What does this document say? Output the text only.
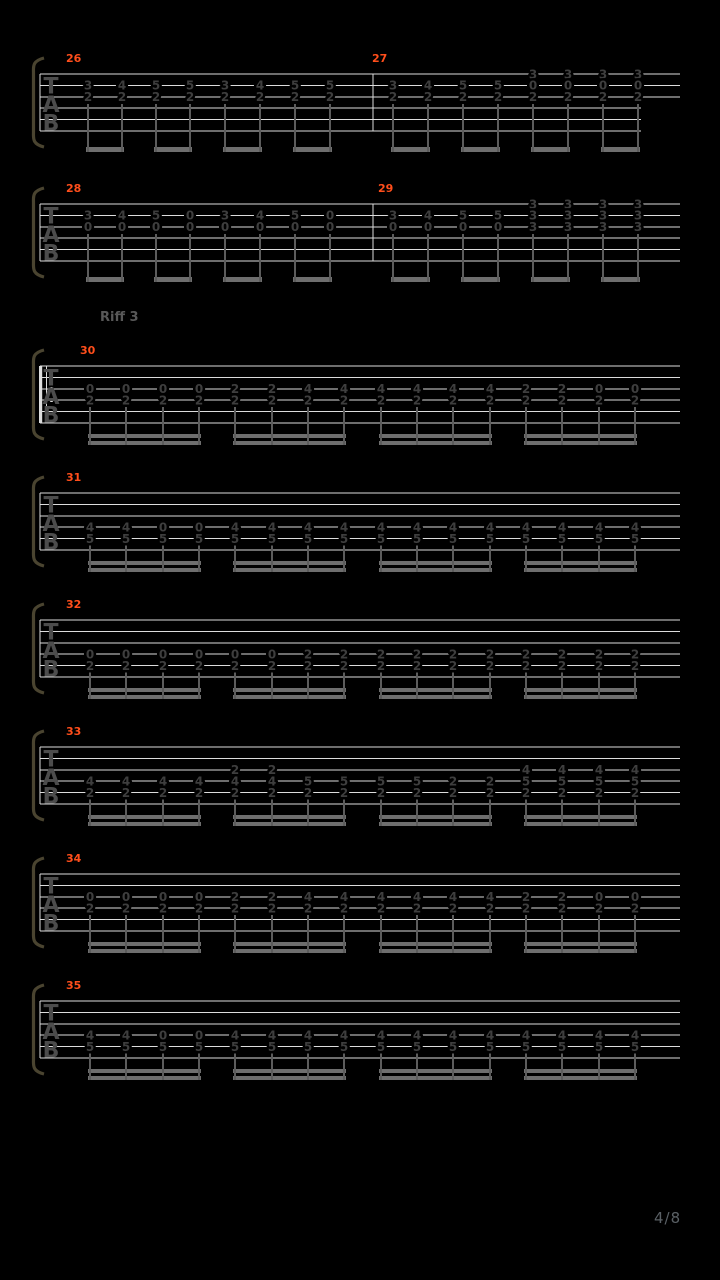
T
A
B
26	27
3
2
4
2
5
2
5
2
3
2
4
2
5
2
5
2
3
2
4
2
5
2
5
2
3
0
2
3
0
2
3
0
2
3
0
2
T
A
B
28	29
3
0
4
0
5
0
0
0
3
0
4
0
5
0
0
0
3
0
4
0
5
0
5
0
3
3
3
3
3
3
3
3
3
3
3
3
T
A
B
30
0
2
0
2
0
2
0
2
2
2
2
2
4
2
4
2
4
2
4
2
4
2
4
2
2
2
2
2
0
2
0
2
T
A
B
31
4
5
4
5
0
5
0
5
4
5
4
5
4
5
4
5
4
5
4
5
4
5
4
5
4
5
4
5
4
5
4
5
T
A
B
32
0
2
0
2
0
2
0
2
0
2
0
2
2
2
2
2
2
2
2
2
2
2
2
2
2
2
2
2
2
2
2
2
T
A
B
33
4
2
4
2
4
2
4
2
2
4
2
2
4
2
5
2
5
2
5
2
5
2
2
2
2
2
4
5
2
4
5
2
4
5
2
4
5
2
T
A
B
34
0
2
0
2
0
2
0
2
2
2
2
2
4
2
4
2
4
2
4
2
4
2
4
2
2
2
2
2
0
2
0
2
T
A
B
35
4
5
4
5
0
5
0
5
4
5
4
5
4
5
4
5
4
5
4
5
4
5
4
5
4
5
4
5
4
5
4
5
Riff 3
4/8
